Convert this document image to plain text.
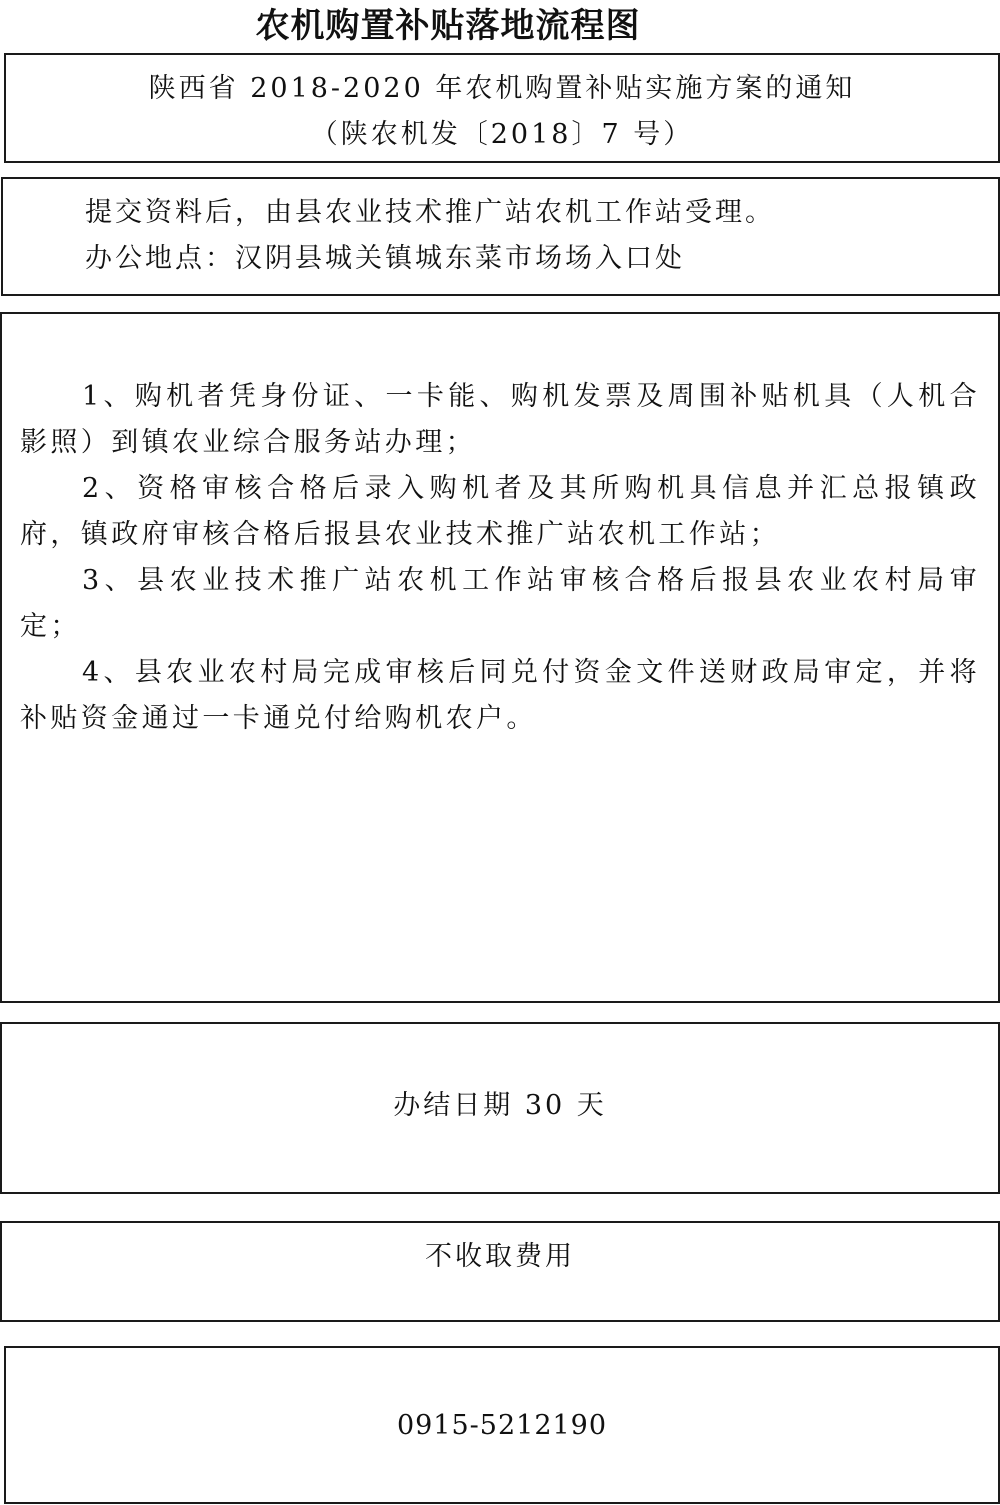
农机购置补贴落地流程图
陕西省 2018-2020 年农机购置补贴实施方案的通知
（陕农机发〔2018〕7 号）
提交资料后，由县农业技术推广站农机工作站受理。
办公地点：汉阴县城关镇城东菜市场场入口处

1、购机者凭身份证、一卡能、购机发票及周围补贴机具（人机合影照）到镇农业综合服务站办理；

2、资格审核合格后录入购机者及其所购机具信息并汇总报镇政府，镇政府审核合格后报县农业技术推广站农机工作站；

3、县农业技术推广站农机工作站审核合格后报县农业农村局审定；

4、县农业农村局完成审核后同兑付资金文件送财政局审定，并将补贴资金通过一卡通兑付给购机农户。

办结日期 30 天
不收取费用
0915-5212190
